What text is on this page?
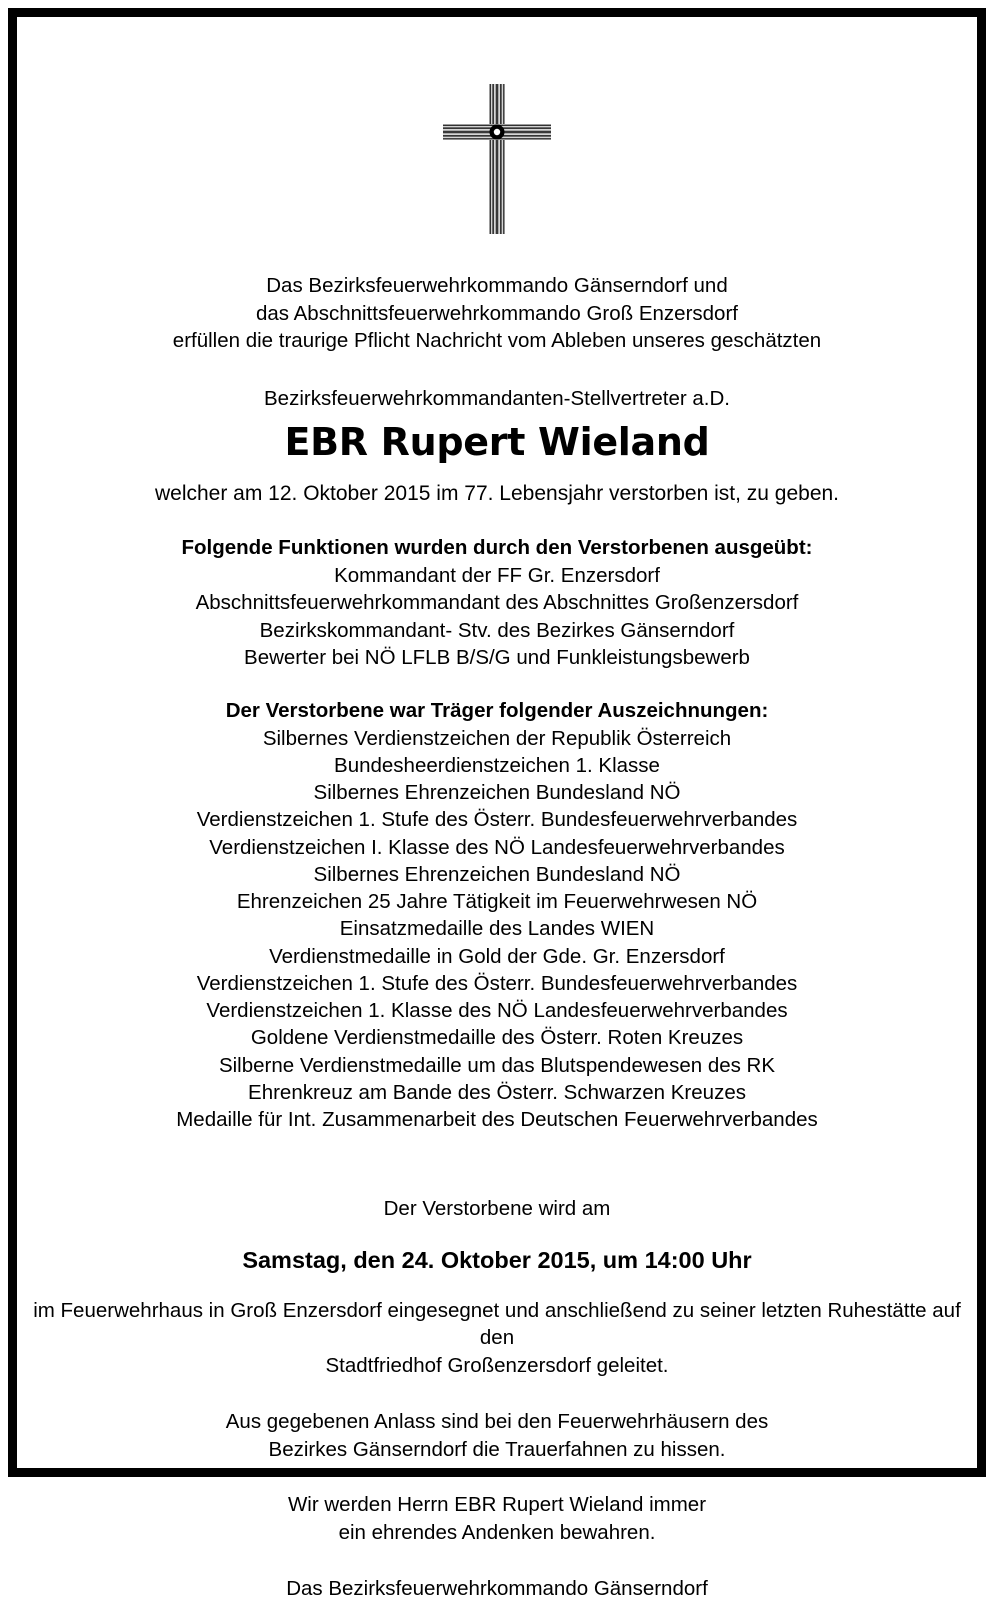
Das Bezirksfeuerwehrkommando Gänserndorf und
das Abschnittsfeuerwehrkommando Groß Enzersdorf
erfüllen die traurige Pflicht Nachricht vom Ableben unseres geschätzten
Bezirksfeuerwehrkommandanten-Stellvertreter a.D.
EBR Rupert Wieland
welcher am 12. Oktober 2015 im 77. Lebensjahr verstorben ist, zu geben.
Folgende Funktionen wurden durch den Verstorbenen ausgeübt:
Kommandant der FF Gr. Enzersdorf
Abschnittsfeuerwehrkommandant des Abschnittes Großenzersdorf
Bezirkskommandant- Stv. des Bezirkes Gänserndorf
Bewerter bei NÖ LFLB B/S/G und Funkleistungsbewerb
Der Verstorbene war Träger folgender Auszeichnungen:
Silbernes Verdienstzeichen der Republik Österreich
Bundesheerdienstzeichen 1. Klasse
Silbernes Ehrenzeichen Bundesland NÖ
Verdienstzeichen 1. Stufe des Österr. Bundesfeuerwehrverbandes
Verdienstzeichen I. Klasse des NÖ Landesfeuerwehrverbandes
Silbernes Ehrenzeichen Bundesland NÖ
Ehrenzeichen 25 Jahre Tätigkeit im Feuerwehrwesen NÖ
Einsatzmedaille des Landes WIEN
Verdienstmedaille in Gold der Gde. Gr. Enzersdorf
Verdienstzeichen 1. Stufe des Österr. Bundesfeuerwehrverbandes
Verdienstzeichen 1. Klasse des NÖ Landesfeuerwehrverbandes
Goldene Verdienstmedaille des Österr. Roten Kreuzes
Silberne Verdienstmedaille um das Blutspendewesen des RK
Ehrenkreuz am Bande des Österr. Schwarzen Kreuzes
Medaille für Int. Zusammenarbeit des Deutschen Feuerwehrverbandes
Der Verstorbene wird am
Samstag, den 24. Oktober 2015, um 14:00 Uhr
im Feuerwehrhaus in Groß Enzersdorf eingesegnet und anschließend zu seiner letzten Ruhestätte auf den
Stadtfriedhof Großenzersdorf geleitet.
Aus gegebenen Anlass sind bei den Feuerwehrhäusern des
Bezirkes Gänserndorf die Trauerfahnen zu hissen.
Wir werden Herrn EBR Rupert Wieland immer
ein ehrendes Andenken bewahren.
Das Bezirksfeuerwehrkommando Gänserndorf
